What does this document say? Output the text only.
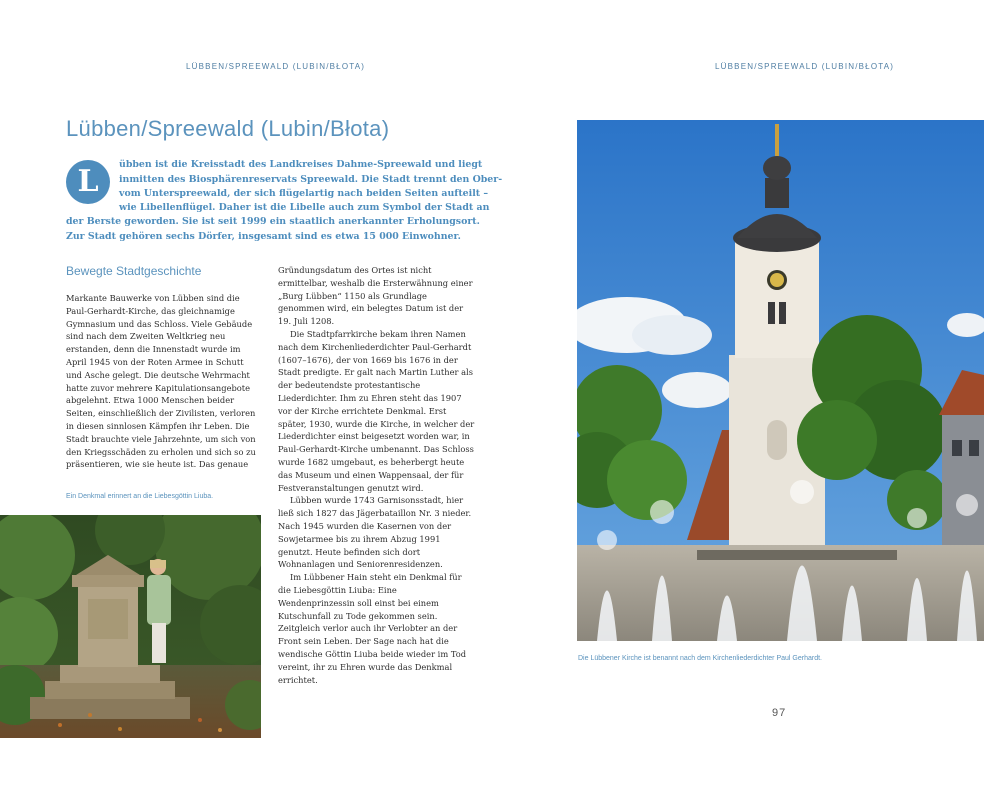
LÜBBEN/SPREEWALD (LUBIN/BŁOTA)	LÜBBEN/SPREEWALD (LUBIN/BŁOTA)
Lübben/Spreewald (Lubin/Błota)
L	übben ist die Kreisstadt des Landkreises Dahme-Spreewald und liegt
inmitten des Biosphärenreservats Spreewald. Die Stadt trennt den Ober-
vom Unterspreewald, der sich flügelartig nach beiden Seiten aufteilt –
wie Libellenflügel. Daher ist die Libelle auch zum Symbol der Stadt an
der Berste geworden. Sie ist seit 1999 ein staatlich anerkannter Erholungsort.
Zur Stadt gehören sechs Dörfer, insgesamt sind es etwa 15 000 Einwohner.
Bewegte Stadtgeschichte

Markante Bauwerke von Lübben sind die Paul-Gerhardt-Kirche, das gleichnamige Gymnasium und das Schloss. Viele Gebäude sind nach dem Zweiten Weltkrieg neu erstanden, denn die Innenstadt wurde im April 1945 von der Roten Armee in Schutt und Asche gelegt. Die deutsche Wehrmacht hatte zuvor mehrere Kapitulationsangebote abgelehnt. Etwa 1000 Menschen beider Seiten, einschließlich der Zivilisten, verloren in diesen sinnlosen Kämpfen ihr Leben. Die Stadt brauchte viele Jahrzehnte, um sich von den Kriegsschäden zu erholen und sich so zu präsentieren, wie sie heute ist. Das genaue

Gründungsdatum des Ortes ist nicht ermittelbar, weshalb die Ersterwähnung einer „Burg Lübben“ 1150 als Grundlage genommen wird, ein belegtes Datum ist der 19. Juli 1208.

Die Stadtpfarrkirche bekam ihren Namen nach dem Kirchenliederdichter Paul-Gerhardt (1607–1676), der von 1669 bis 1676 in der Stadt predigte. Er galt nach Martin Luther als der bedeutendste protestantische Liederdichter. Ihm zu Ehren steht das 1907 vor der Kirche errichtete Denkmal. Erst später, 1930, wurde die Kirche, in welcher der Liederdichter einst beigesetzt worden war, in Paul-Gerhardt-Kirche umbenannt. Das Schloss wurde 1682 umgebaut, es beherbergt heute das Museum und einen Wappensaal, der für Festveranstaltungen genutzt wird.

Lübben wurde 1743 Garnisonsstadt, hier ließ sich 1827 das Jägerbataillon Nr. 3 nieder. Nach 1945 wurden die Kasernen von der Sowjetarmee bis zu ihrem Abzug 1991 genutzt. Heute befinden sich dort Wohnanlagen und Seniorenresidenzen.

Im Lübbener Hain steht ein Denkmal für die Liebesgöttin Liuba: Eine Wendenprinzessin soll einst bei einem Kutschunfall zu Tode gekommen sein. Zeitgleich verlor auch ihr Verlobter an der Front sein Leben. Der Sage nach hat die wendische Göttin Liuba beide wieder im Tod vereint, ihr zu Ehren wurde das Denkmal errichtet.

Ein Denkmal erinnert an die Liebesgöttin Liuba.
Die Lübbener Kirche ist benannt nach dem Kirchenliederdichter Paul Gerhardt.
97
